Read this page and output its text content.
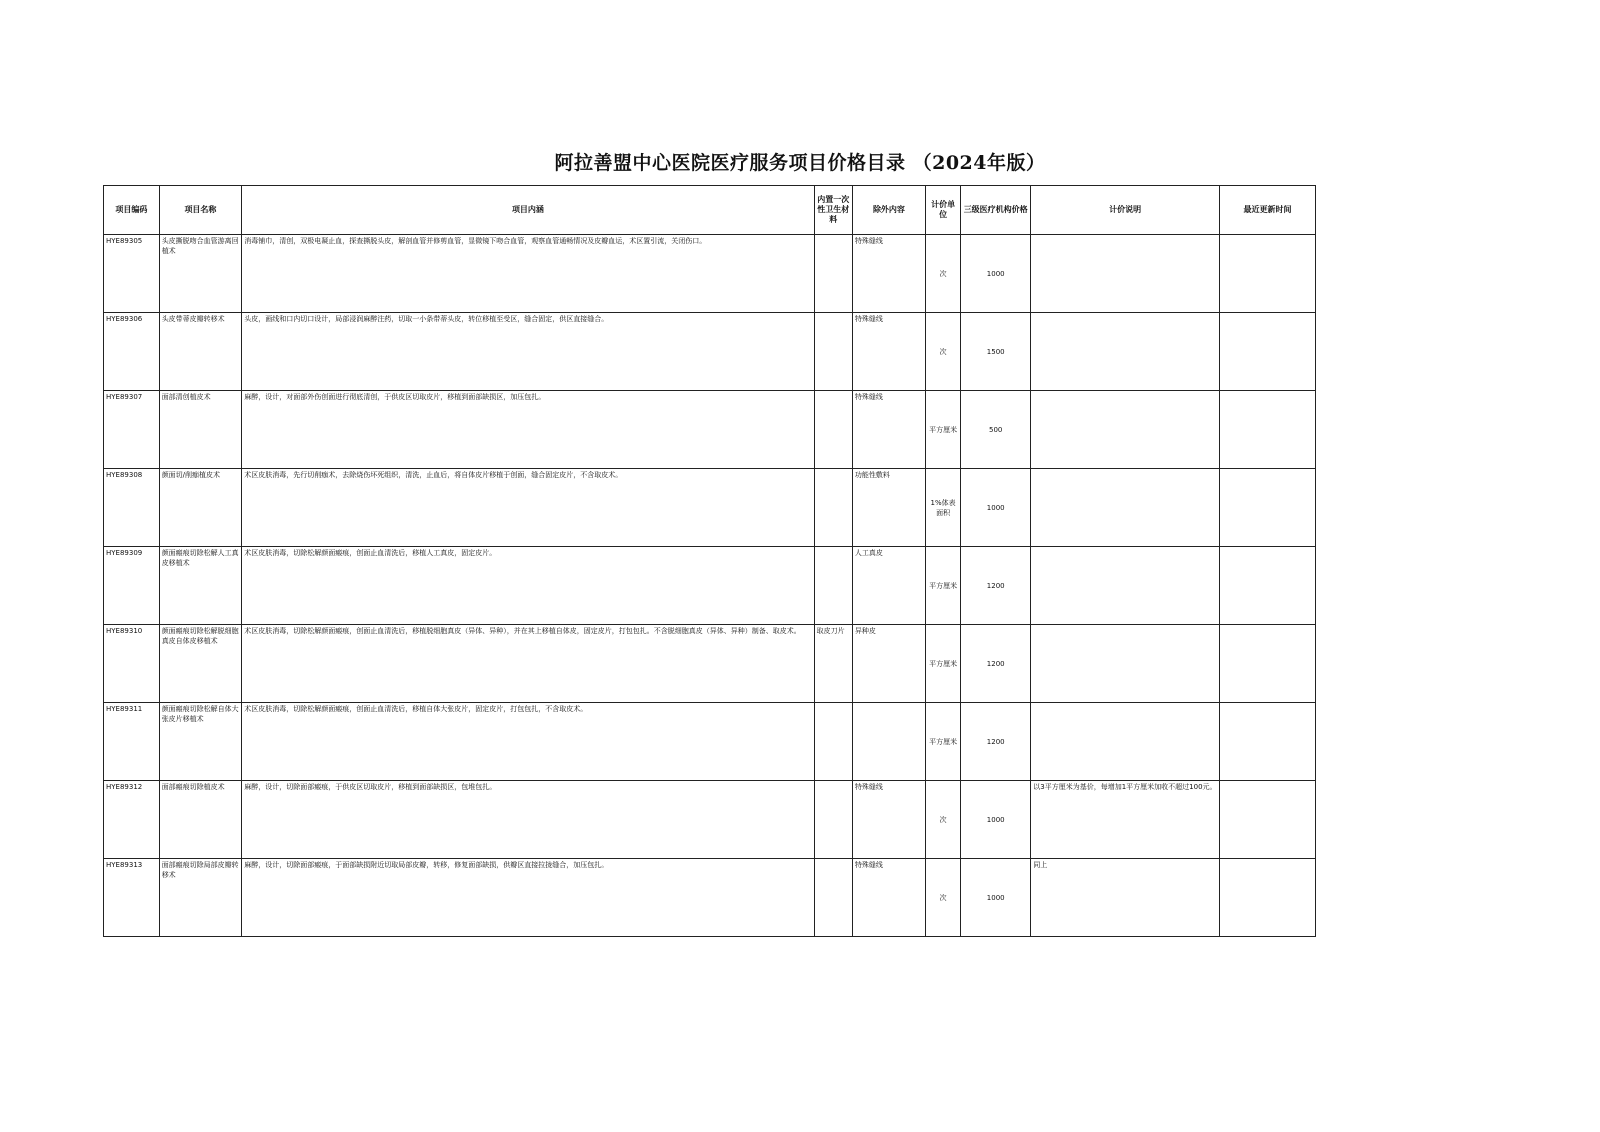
阿拉善盟中心医院医疗服务项目价格目录 （2024年版）
项目编码	项目名称	项目内涵	内置一次性卫生材料	除外内容	计价单位	三级医疗机构价格	计价说明	最近更新时间
HYE89305	头皮撕脱吻合血管游离回植术	消毒铺巾，清创，双极电凝止血，探查撕脱头皮，解剖血管并修剪血管，显微镜下吻合血管，观察血管通畅情况及皮瓣血运，术区置引流，关闭伤口。		特殊缝线	次	1000		
HYE89306	头皮带蒂皮瓣转移术	头皮，画线和口内切口设计，局部浸润麻醉注药，切取一小条带蒂头皮，转位移植至受区，缝合固定，供区直接缝合。		特殊缝线	次	1500		
HYE89307	面部清创植皮术	麻醉，设计，对面部外伤创面进行彻底清创，于供皮区切取皮片，移植到面部缺损区，加压包扎。		特殊缝线	平方厘米	500		
HYE89308	颜面切/削痂植皮术	术区皮肤消毒，先行切削痂术，去除烧伤坏死组织，清洗，止血后，将自体皮片移植于创面，缝合固定皮片，不含取皮术。		功能性敷料	1%体表面积	1000		
HYE89309	颜面瘢痕切除松解人工真皮移植术	术区皮肤消毒，切除松解颜面瘢痕，创面止血清洗后，移植人工真皮，固定皮片。		人工真皮	平方厘米	1200		
HYE89310	颜面瘢痕切除松解脱细胞真皮自体皮移植术	术区皮肤消毒，切除松解颜面瘢痕，创面止血清洗后，移植脱细胞真皮（异体、异种），并在其上移植自体皮，固定皮片，打包包扎。不含脱细胞真皮（异体、异种）制备、取皮术。	取皮刀片	异种皮	平方厘米	1200		
HYE89311	颜面瘢痕切除松解自体大张皮片移植术	术区皮肤消毒，切除松解颜面瘢痕，创面止血清洗后，移植自体大张皮片，固定皮片，打包包扎，不含取皮术。			平方厘米	1200		
HYE89312	面部瘢痕切除植皮术	麻醉，设计，切除面部瘢痕，于供皮区切取皮片，移植到面部缺损区，包堆包扎。		特殊缝线	次	1000	以3平方厘米为基价，每增加1平方厘米加收不超过100元。	
HYE89313	面部瘢痕切除局部皮瓣转移术	麻醉，设计，切除面部瘢痕，于面部缺损附近切取局部皮瓣，转移，修复面部缺损，供瓣区直接拉拢缝合，加压包扎。		特殊缝线	次	1000	同上	
